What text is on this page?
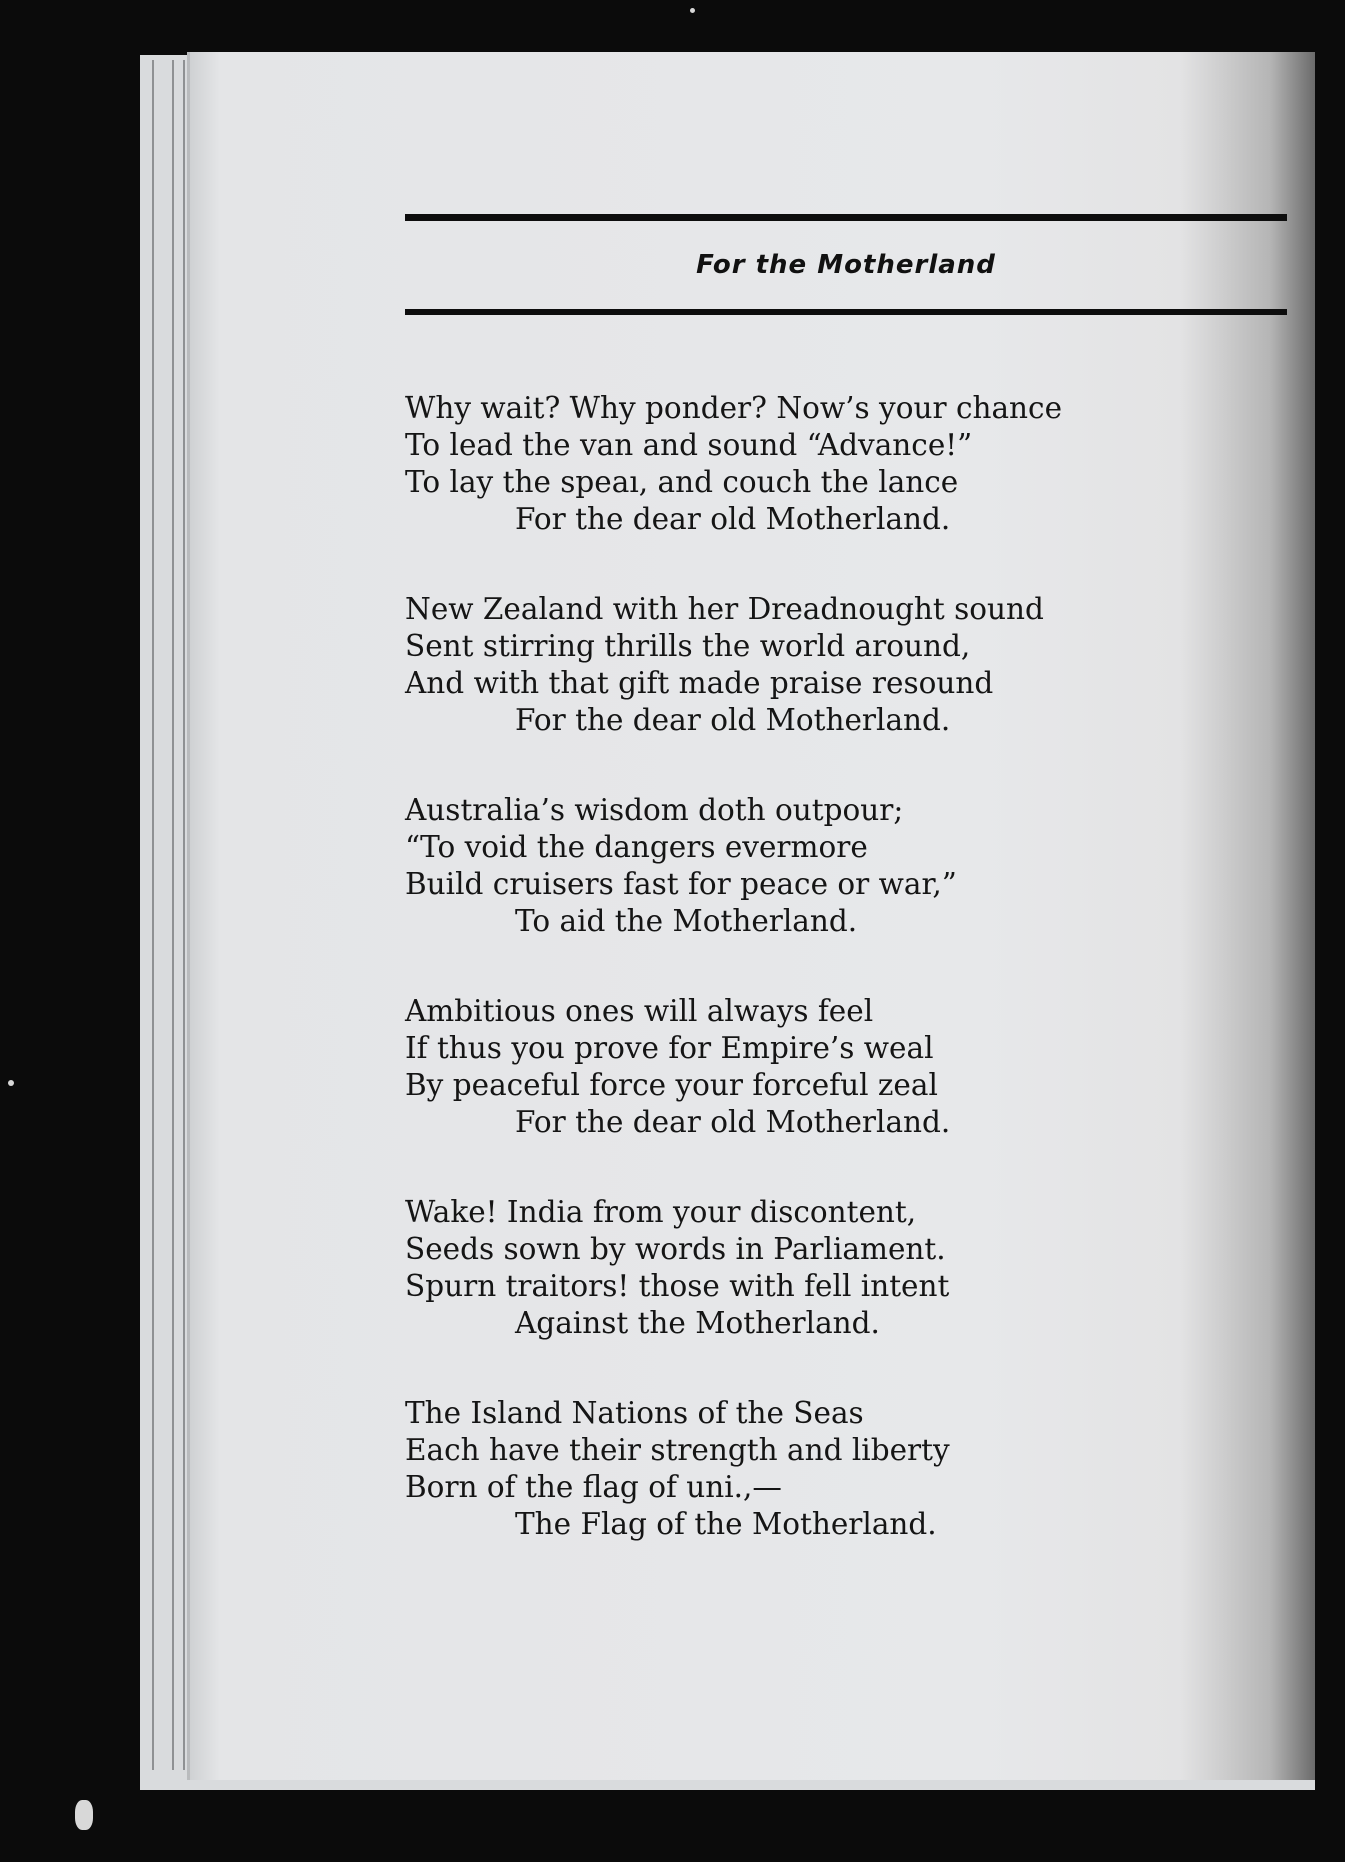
For the Motherland
Why wait? Why ponder? Now’s your chance
To lead the van and sound “Advance!”
To lay the speaı, and couch the lance
For the dear old Motherland.
New Zealand with her Dreadnought sound
Sent stirring thrills the world around,
And with that gift made praise resound
For the dear old Motherland.
Australia’s wisdom doth outpour;
“To void the dangers evermore
Build cruisers fast for peace or war,”
To aid the Motherland.
Ambitious ones will always feel
If thus you prove for Empire’s weal
By peaceful force your forceful zeal
For the dear old Motherland.
Wake! India from your discontent,
Seeds sown by words in Parliament.
Spurn traitors! those with fell intent
Against the Motherland.
The Island Nations of the Seas
Each have their strength and liberty
Born of the flag of uni.,—
The Flag of the Motherland.
